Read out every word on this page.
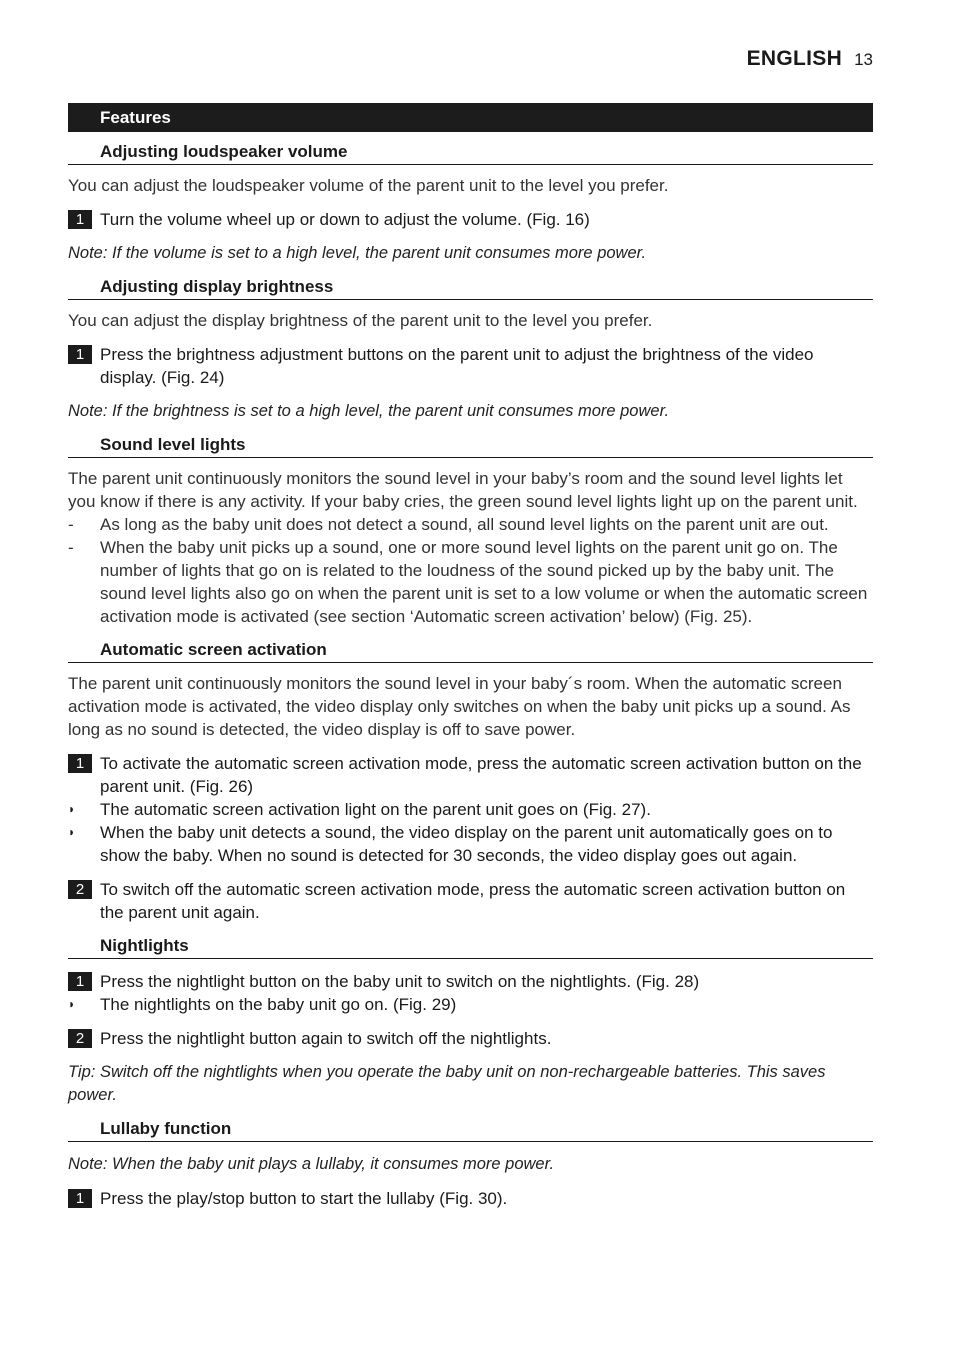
ENGLISH 13
Features
Adjusting loudspeaker volume
You can adjust the loudspeaker volume of the parent unit to the level you prefer.
1 Turn the volume wheel up or down to adjust the volume. (Fig. 16)
Note: If the volume is set to a high level, the parent unit consumes more power.
Adjusting display brightness
You can adjust the display brightness of the parent unit to the level you prefer.
1 Press the brightness adjustment buttons on the parent unit to adjust the brightness of the video display. (Fig. 24)
Note: If the brightness is set to a high level, the parent unit consumes more power.
Sound level lights
The parent unit continuously monitors the sound level in your baby’s room and the sound level lights let you know if there is any activity. If your baby cries, the green sound level lights light up on the parent unit.
-	As long as the baby unit does not detect a sound, all sound level lights on the parent unit are out.
-	When the baby unit picks up a sound, one or more sound level lights on the parent unit go on. The number of lights that go on is related to the loudness of the sound picked up by the baby unit. The sound level lights also go on when the parent unit is set to a low volume or when the automatic screen activation mode is activated (see section ‘Automatic screen activation’ below) (Fig. 25).
Automatic screen activation
The parent unit continuously monitors the sound level in your baby´s room. When the automatic screen activation mode is activated, the video display only switches on when the baby unit picks up a sound. As long as no sound is detected, the video display is off to save power.
1 To activate the automatic screen activation mode, press the automatic screen activation button on the parent unit. (Fig. 26)
◗	The automatic screen activation light on the parent unit goes on (Fig. 27).
◗	When the baby unit detects a sound, the video display on the parent unit automatically goes on to show the baby. When no sound is detected for 30 seconds, the video display goes out again.
2 To switch off the automatic screen activation mode, press the automatic screen activation button on the parent unit again.
Nightlights
1 Press the nightlight button on the baby unit to switch on the nightlights. (Fig. 28)
◗	The nightlights on the baby unit go on. (Fig. 29)
2 Press the nightlight button again to switch off the nightlights.
Tip: Switch off the nightlights when you operate the baby unit on non-rechargeable batteries. This saves power.
Lullaby function
Note: When the baby unit plays a lullaby, it consumes more power.
1 Press the play/stop button to start the lullaby (Fig. 30).
